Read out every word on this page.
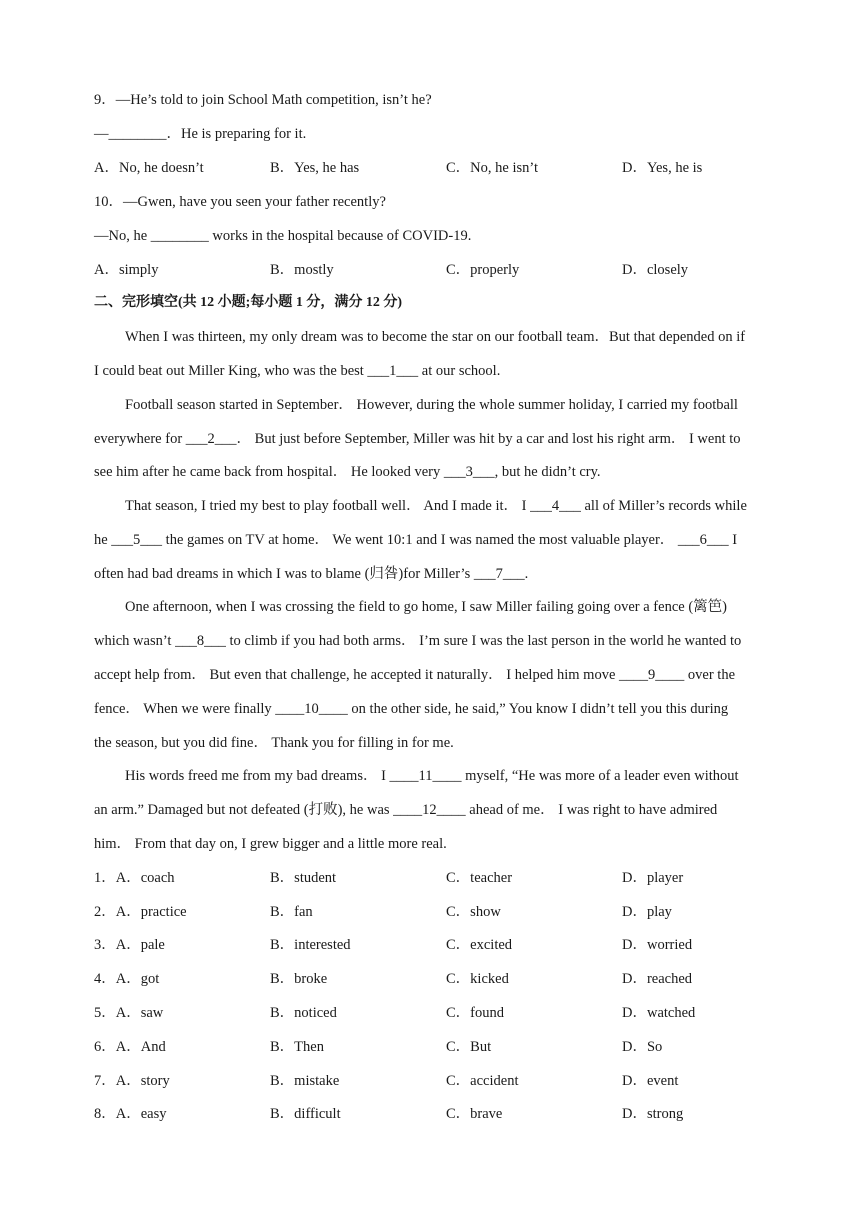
9．—He’s told to join School Math competition, isn’t he?
—________．He is preparing for it.
A．No, he doesn’t	B．Yes, he has	C．No, he isn’t	D．Yes, he is
10．—Gwen, have you seen your father recently?
—No, he ________ works in the hospital because of COVID-19.
A．simply	B．mostly	C．properly	D．closely
二、完形填空(共 12 小题;每小题 1 分，满分 12 分)
When I was thirteen, my only dream was to become the star on our football team．But that depended on if
I could beat out Miller King, who was the best ___1___ at our school.
Football season started in September． However, during the whole summer holiday, I carried my football
everywhere for ___2___． But just before September, Miller was hit by a car and lost his right arm． I went to
see him after he came back from hospital． He looked very ___3___, but he didn’t cry.
That season, I tried my best to play football well． And I made it． I ___4___ all of Miller’s records while
he ___5___ the games on TV at home． We went 10:1 and I was named the most valuable player． ___6___ I
often had bad dreams in which I was to blame (归咎)for Miller’s ___7___.
One afternoon, when I was crossing the field to go home, I saw Miller failing going over a fence (篱笆)
which wasn’t ___8___ to climb if you had both arms． I’m sure I was the last person in the world he wanted to
accept help from． But even that challenge, he accepted it naturally． I helped him move ____9____ over the
fence． When we were finally ____10____ on the other side, he said,” You know I didn’t tell you this during
the season, but you did fine． Thank you for filling in for me.
His words freed me from my bad dreams． I ____11____ myself, “He was more of a leader even without
an arm.” Damaged but not defeated (打败), he was ____12____ ahead of me． I was right to have admired
him． From that day on, I grew bigger and a little more real.
1．A．coach	B．student	C．teacher	D．player
2．A．practice	B．fan	C．show	D．play
3．A．pale	B．interested	C．excited	D．worried
4．A．got	B．broke	C．kicked	D．reached
5．A．saw	B．noticed	C．found	D．watched
6．A．And	B．Then	C．But	D．So
7．A．story	B．mistake	C．accident	D．event
8．A．easy	B．difficult	C．brave	D．strong
